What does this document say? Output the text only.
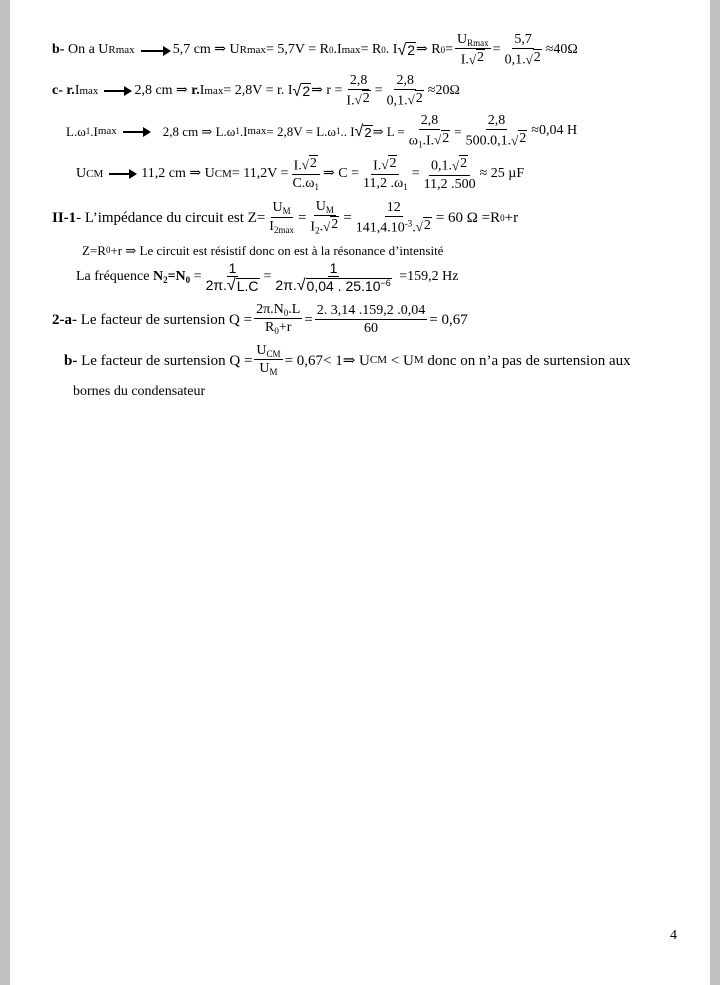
b-
On a
U Rmax	5,7 cm ⇒
U Rmax = 5,7V = R 0 .I max = R 0 . I √ 2 ⇒ R $0 = \frac{U_{Rmax}}{I. √ 2} = \frac{5,7}{0,1. √ 2} \approx 40\Omega$
c- r. I max	2,8 cm ⇒
r. I max = 2,8V = r. I √ 2 ⇒ $r = \frac{2,8}{I. √ 2} = \frac{2,8}{0,1. √ 2} \approx 20\Omega$
L.ω 1 .I max	2,8 cm ⇒ L.ω 1 .I max = 2,8V = L.ω 1 .. I √ 2 ⇒ $L = \frac{2,8}{\omega_1.I. √ 2} = \frac{2,8}{500.0,1. √ 2} \approx 0,04$ H
U CM	11,2 cm ⇒ U CM = $11,2V = \frac{I. √ 2}{C.\omega_1}$ ⇒ $C = \frac{I. √ 2}{11,2 .\omega_1} = \frac{0,1. √ 2}{11,2 .500} \approx 25$ µF
II-1 - L’impédance du circuit est $Z= \frac{U_M}{I_{2max}} = \frac{U_M}{I_2. √ 2} = \frac{12}{141,4.10^{-3}. √ 2} = 60$ Ω =R 0 +r
Z=R 0 +r ⇒ Le circuit est résistif donc on est à la résonance d’intensité
La fréquence
$N_2=N_0$
= $\frac{1}{2\pi. √ L.C} = \frac{1}{2\pi. √ 0,04 . 25.10^{-6}}$
=159,2 Hz
2-a-
Le facteur de surtension $Q = \frac{2\pi.N_0.L}{R_0+r} = \frac{2. 3,14 .159,2 .0,04}{60} = 0,67$
b-
Le facteur de surtension $Q = \frac{U_{CM}}{U_M} = 0,67<$ 1⇒ U CM
< U M
donc on n’a pas de surtension aux
bornes du condensateur
4
